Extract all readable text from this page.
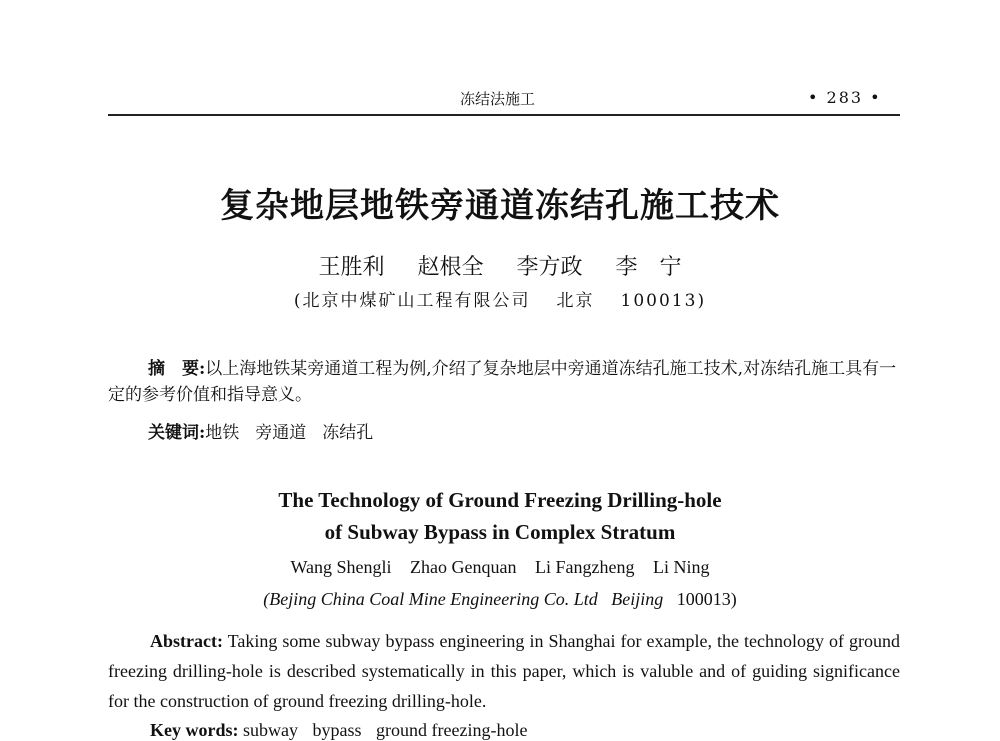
冻结法施工	• 283 •
复杂地层地铁旁通道冻结孔施工技术
王胜利 赵根全 李方政 李　宁
(北京中煤矿山工程有限公司 北京 100013)
摘　要:以上海地铁某旁通道工程为例,介绍了复杂地层中旁通道冻结孔施工技术,对冻结孔施工具有一定的参考价值和指导意义。
关键词:地铁 旁通道 冻结孔
The Technology of Ground Freezing Drilling-hole
of Subway Bypass in Complex Stratum
Wang Shengli Zhao Genquan Li Fangzheng Li Ning
(Bejing China Coal Mine Engineering Co. Ltd Beijing 100013)
Abstract: Taking some subway bypass engineering in Shanghai for example, the technology of ground freezing drilling-hole is described systematically in this paper, which is valuble and of guiding significance for the construction of ground freezing drilling-hole.
Key words: subway bypass ground freezing-hole
